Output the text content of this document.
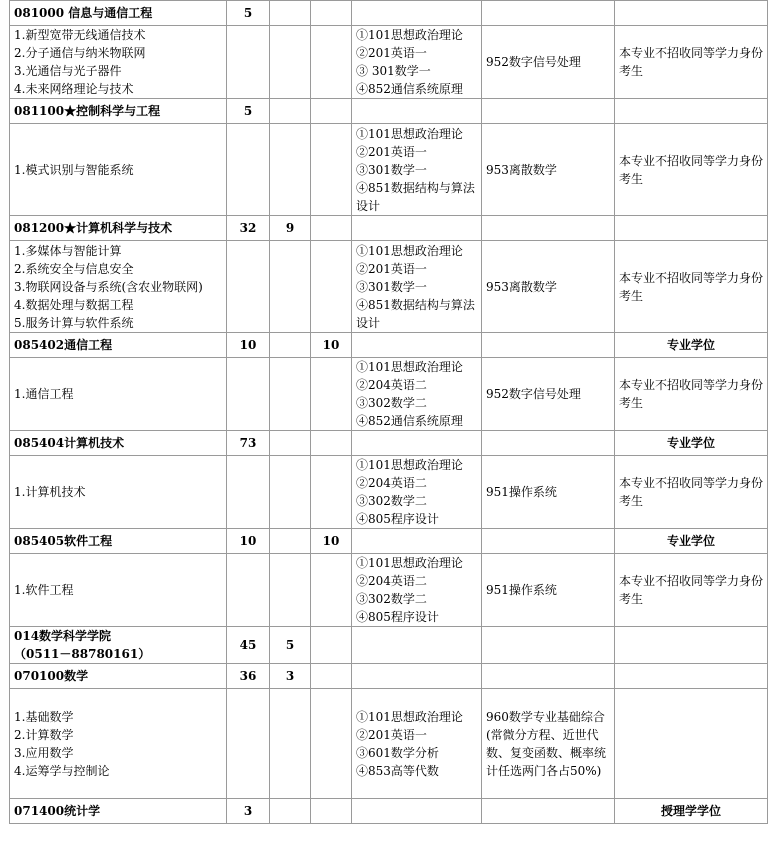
081000 信息与通信工程	5					

1.新型宽带无线通信技术
2.分子通信与纳米物联网
3.光通信与光子器件
4.未来网络理论与技术				①101思想政治理论
②201英语一
③ 301数学一
④852通信系统原理	952数字信号处理	本专业不招收同等学力身份考生
081100★控制科学与工程	5					

1.模式识别与智能系统				①101思想政治理论
②201英语一
③301数学一
④851数据结构与算法设计	953离散数学	本专业不招收同等学力身份考生
081200★计算机科学与技术	32	9				

1.多媒体与智能计算
2.系统安全与信息安全
3.物联网设备与系统(含农业物联网)
4.数据处理与数据工程
5.服务计算与软件系统				①101思想政治理论
②201英语一
③301数学一
④851数据结构与算法设计	953离散数学	本专业不招收同等学力身份考生
085402通信工程	10		10			专业学位

1.通信工程				①101思想政治理论
②204英语二
③302数学二
④852通信系统原理	952数字信号处理	本专业不招收同等学力身份考生
085404计算机技术	73					专业学位

1.计算机技术				①101思想政治理论
②204英语二
③302数学二
④805程序设计	951操作系统	本专业不招收同等学力身份考生
085405软件工程	10		10			专业学位

1.软件工程				①101思想政治理论
②204英语二
③302数学二
④805程序设计	951操作系统	本专业不招收同等学力身份考生

014数学科学学院
（0511－88780161）	45	5				
070100数学	36	3				

1.基础数学
2.计算数学
3.应用数学
4.运筹学与控制论				①101思想政治理论
②201英语一
③601数学分析
④853高等代数	960数学专业基础综合(常微分方程、近世代数、复变函数、概率统计任选两门各占50%)	
071400统计学	3					授理学学位
